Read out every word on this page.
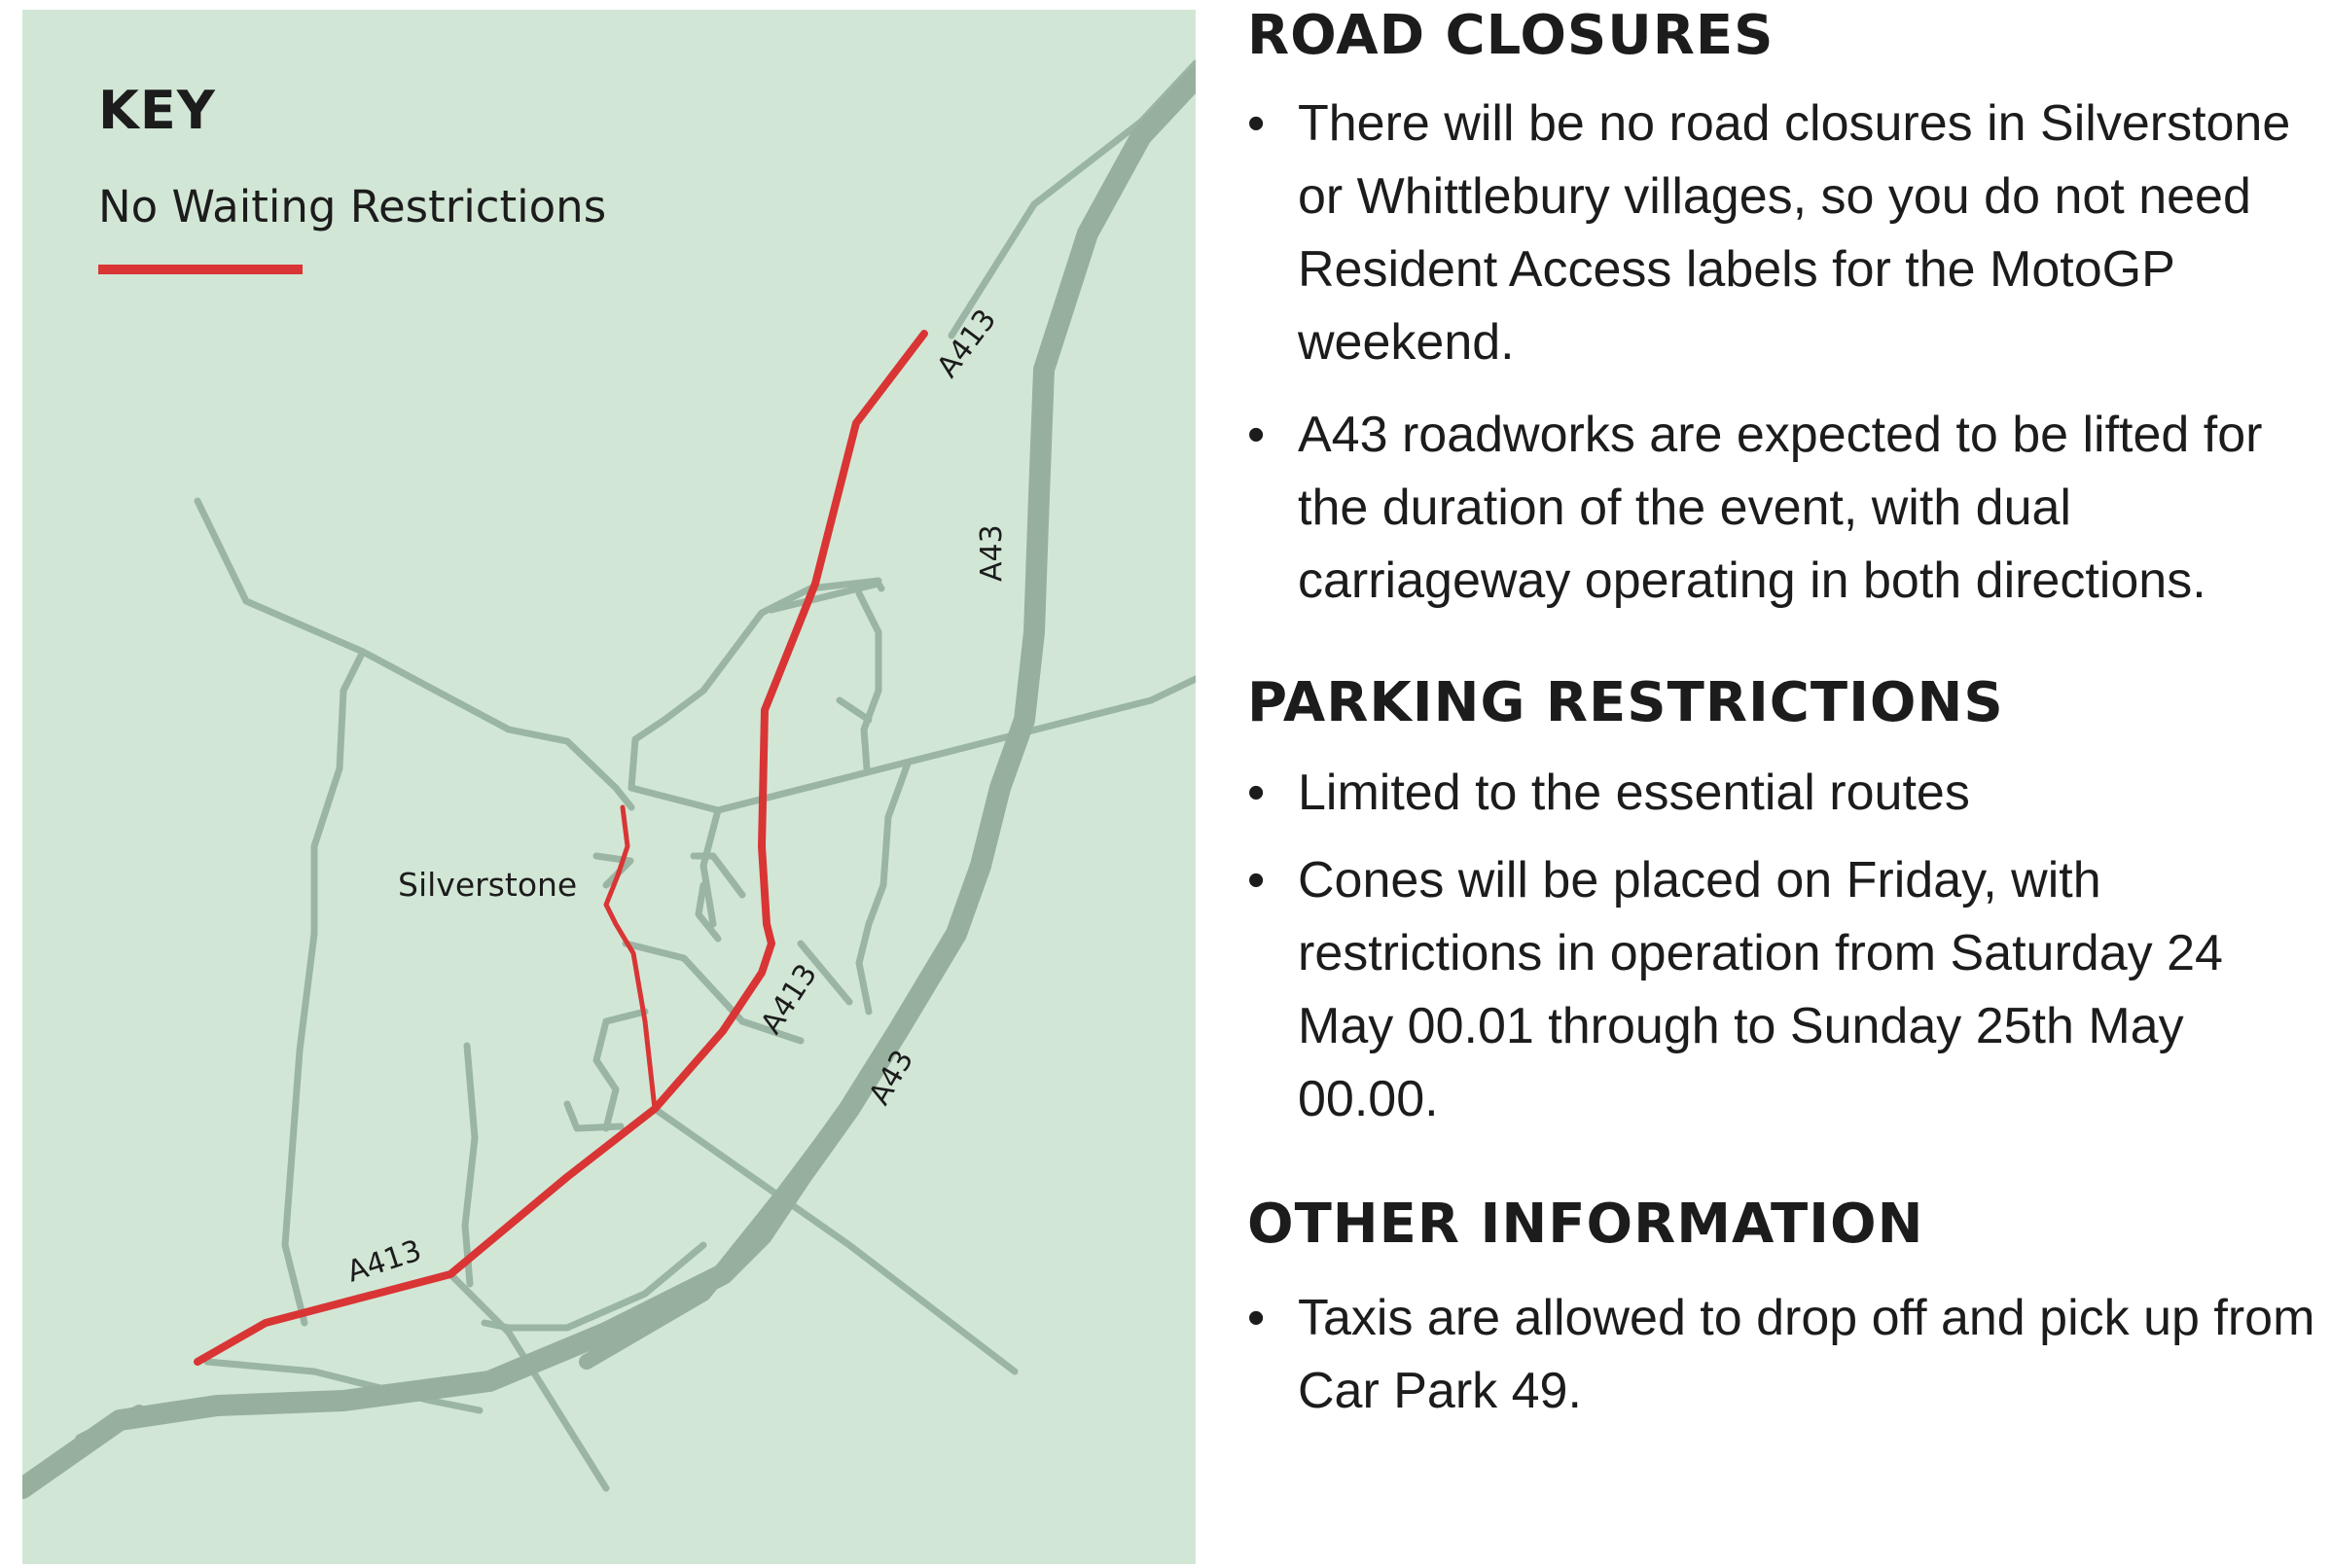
A413
A413
A413
A43
A43
Silverstone
KEY
No Waiting Restrictions
ROAD CLOSURES
• There will be no road closures in Silverstone or Whittlebury villages, so you do not need Resident Access labels for the MotoGP weekend.
• A43 roadworks are expected to be lifted for the duration of the event, with dual carriageway operating in both directions.
PARKING RESTRICTIONS
• Limited to the essential routes
• Cones will be placed on Friday, with restrictions in operation from Saturday 24 May 00.01 through to Sunday 25th May 00.00.
OTHER INFORMATION
• Taxis are allowed to drop off and pick up from Car Park 49.
